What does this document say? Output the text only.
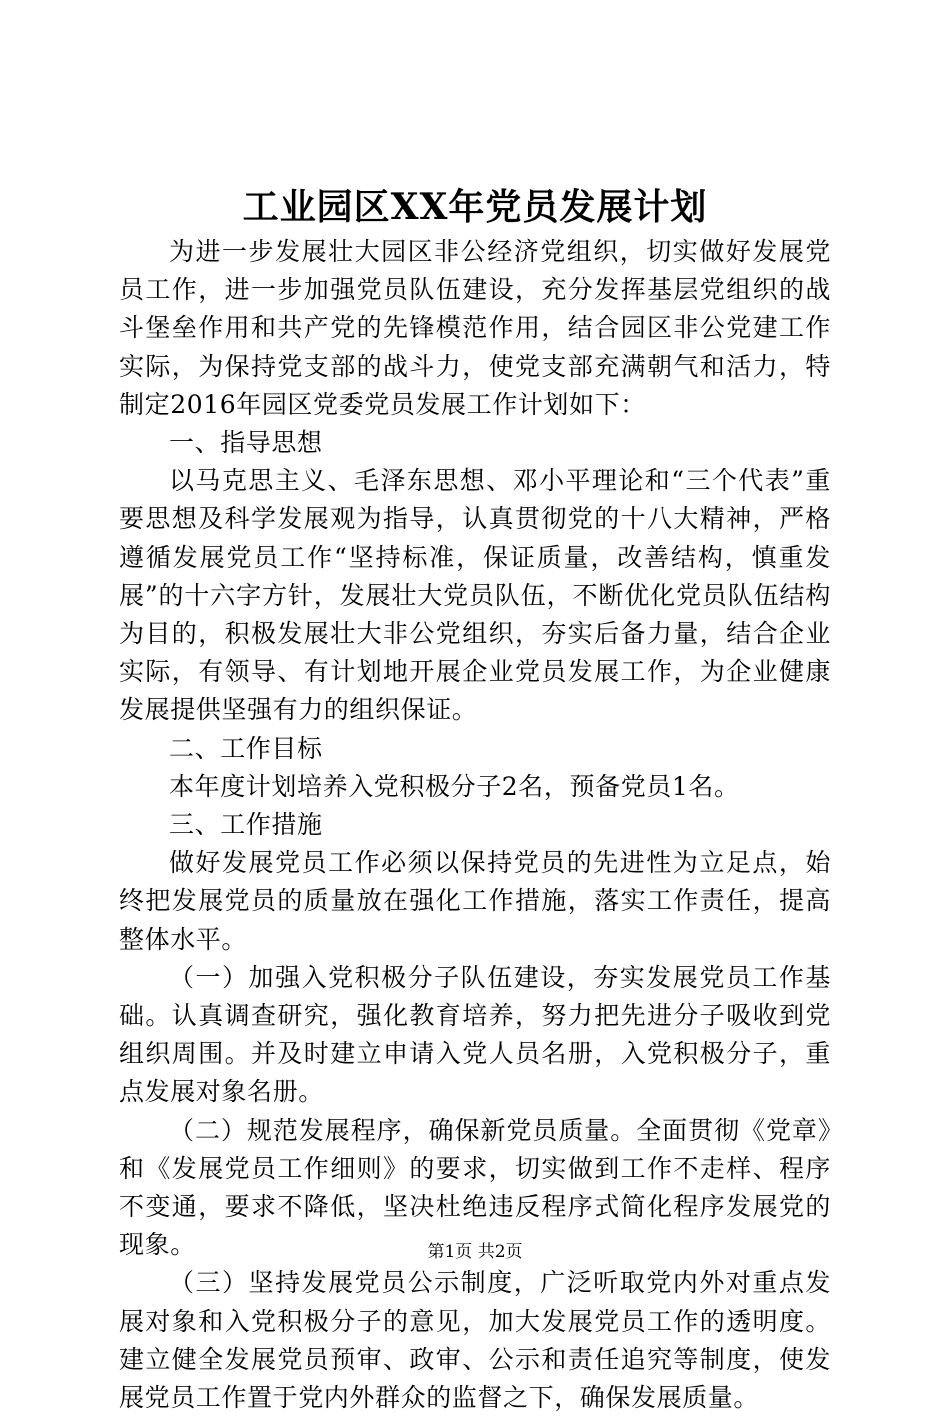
工业园区XX年党员发展计划

为进一步发展壮大园区非公经济党组织，切实做好发展党员工作，进一步加强党员队伍建设，充分发挥基层党组织的战斗堡垒作用和共产党的先锋模范作用，结合园区非公党建工作实际，为保持党支部的战斗力，使党支部充满朝气和活力，特制定2016年园区党委党员发展工作计划如下：

一、指导思想

以马克思主义、毛泽东思想、邓小平理论和“三个代表”重要思想及科学发展观为指导，认真贯彻党的十八大精神，严格遵循发展党员工作“坚持标准，保证质量，改善结构，慎重发展”的十六字方针，发展壮大党员队伍，不断优化党员队伍结构为目的，积极发展壮大非公党组织，夯实后备力量，结合企业实际，有领导、有计划地开展企业党员发展工作，为企业健康发展提供坚强有力的组织保证。

二、工作目标

本年度计划培养入党积极分子2名，预备党员1名。

三、工作措施

做好发展党员工作必须以保持党员的先进性为立足点，始终把发展党员的质量放在强化工作措施，落实工作责任，提高整体水平。

（一）加强入党积极分子队伍建设，夯实发展党员工作基础。认真调查研究，强化教育培养，努力把先进分子吸收到党组织周围。并及时建立申请入党人员名册，入党积极分子，重点发展对象名册。

（二）规范发展程序，确保新党员质量。全面贯彻《党章》和《发展党员工作细则》的要求，切实做到工作不走样、程序不变通，要求不降低，坚决杜绝违反程序式简化程序发展党的现象。

（三）坚持发展党员公示制度，广泛听取党内外对重点发展对象和入党积极分子的意见，加大发展党员工作的透明度。建立健全发展党员预审、政审、公示和责任追究等制度，使发展党员工作置于党内外群众的监督之下，确保发展质量。

第1页 共2页
